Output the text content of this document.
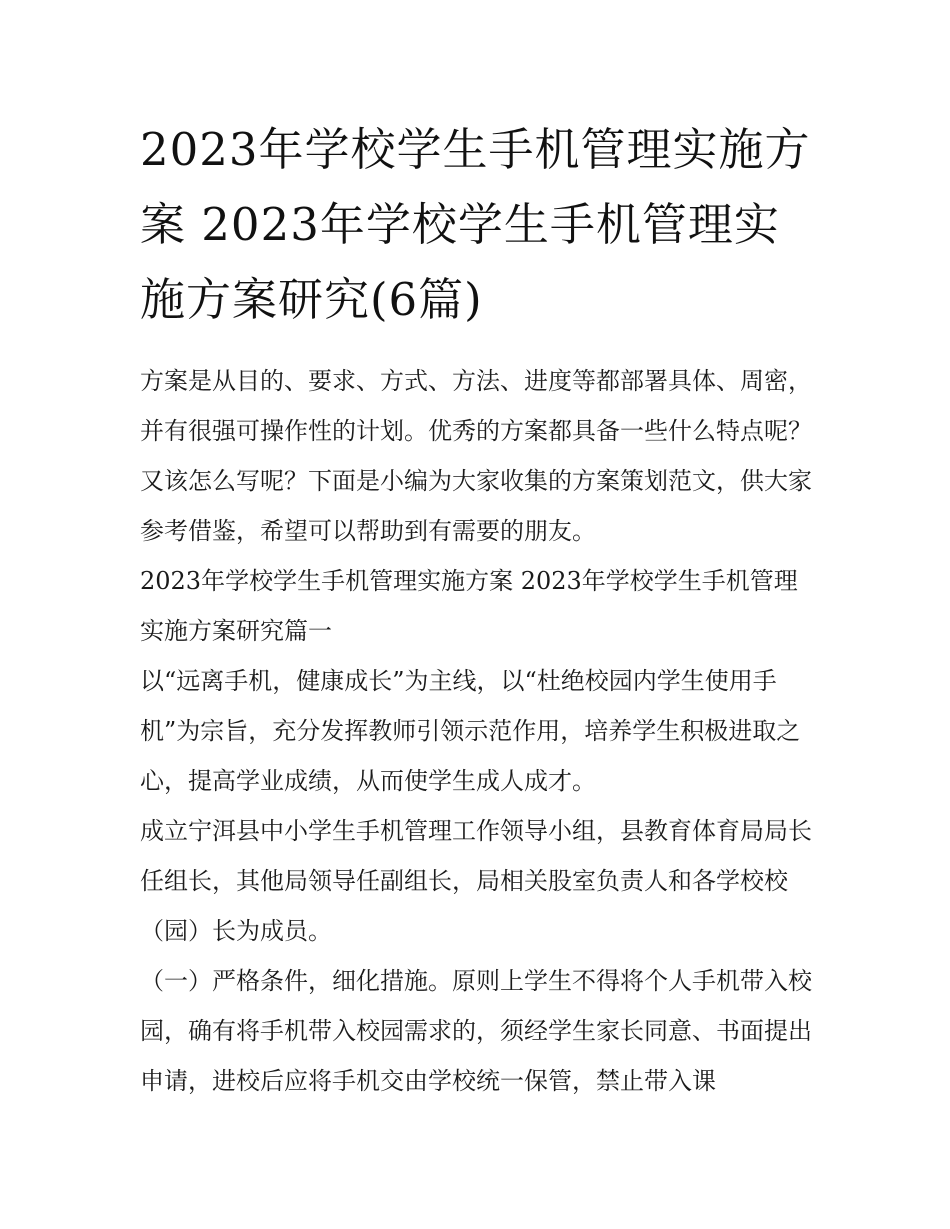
2023年学校学生手机管理实施方案 2023年学校学生手机管理实施方案研究(6篇)

方案是从目的、要求、方式、方法、进度等都部署具体、周密，并有很强可操作性的计划。优秀的方案都具备一些什么特点呢？又该怎么写呢？下面是小编为大家收集的方案策划范文，供大家参考借鉴，希望可以帮助到有需要的朋友。

2023年学校学生手机管理实施方案 2023年学校学生手机管理实施方案研究篇一

以“远离手机，健康成长”为主线，以“杜绝校园内学生使用手机”为宗旨，充分发挥教师引领示范作用，培养学生积极进取之心，提高学业成绩，从而使学生成人成才。

成立宁洱县中小学生手机管理工作领导小组，县教育体育局局长任组长，其他局领导任副组长，局相关股室负责人和各学校校（园）长为成员。

（一）严格条件，细化措施。原则上学生不得将个人手机带入校园，确有将手机带入校园需求的，须经学生家长同意、书面提出申请，进校后应将手机交由学校统一保管，禁止带入课
